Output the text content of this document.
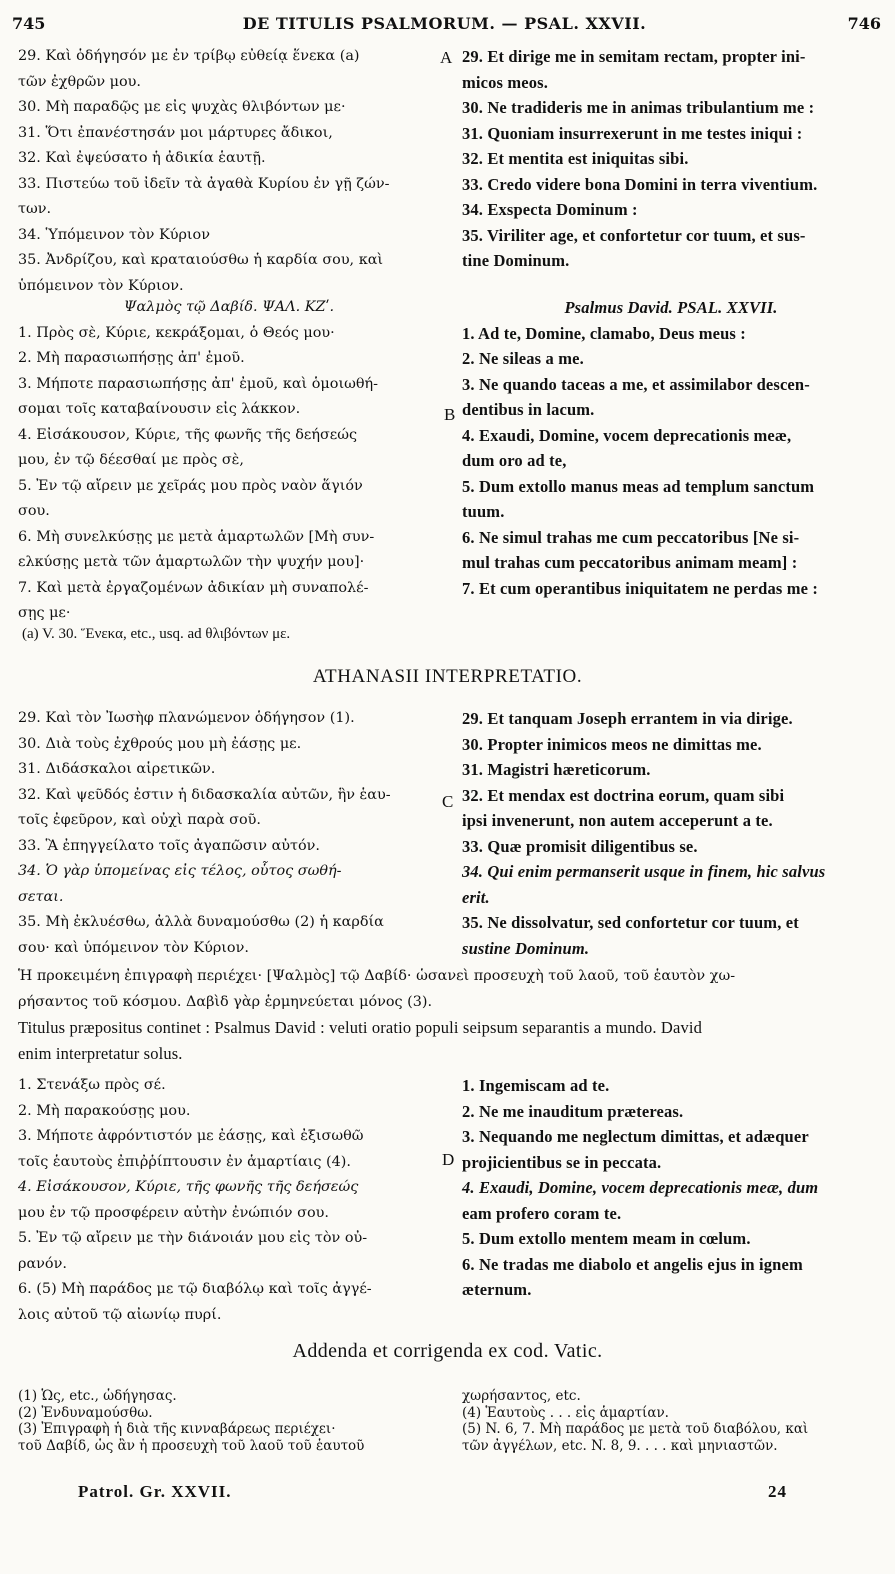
745	DE TITULIS PSALMORUM. — PSAL. XXVII.	746
29. Καὶ ὁδήγησόν με ἐν τρίβῳ εὐθείᾳ ἕνεκα (a)
τῶν ἐχθρῶν μου.
30. Μὴ παραδῷς με εἰς ψυχὰς θλιβόντων με·
31. Ὅτι ἐπανέστησάν μοι μάρτυρες ἄδικοι,
32. Καὶ ἐψεύσατο ἡ ἀδικία ἑαυτῇ.
33. Πιστεύω τοῦ ἰδεῖν τὰ ἀγαθὰ Κυρίου ἐν γῇ ζών-
των.
34. Ὑπόμεινον τὸν Κύριον
35. Ἀνδρίζου, καὶ κραταιούσθω ἡ καρδία σου, καὶ
ὑπόμεινον τὸν Κύριον.
29. Et dirige me in semitam rectam, propter ini-
micos meos.
30. Ne tradideris me in animas tribulantium me :
31. Quoniam insurrexerunt in me testes iniqui :
32. Et mentita est iniquitas sibi.
33. Credo videre bona Domini in terra viventium.
34. Exspecta Dominum :
35. Viriliter age, et confortetur cor tuum, et sus-
tine Dominum.
A
Ψαλμὸς τῷ Δαβίδ. ΨΑΛ. ΚΖʹ.
1. Πρὸς σὲ, Κύριε, κεκράξομαι, ὁ Θεός μου·
2. Μὴ παρασιωπήσῃς ἀπ' ἐμοῦ.
3. Μήποτε παρασιωπήσῃς ἀπ' ἐμοῦ, καὶ ὁμοιωθή-
σομαι τοῖς καταβαίνουσιν εἰς λάκκον.
4. Εἰσάκουσον, Κύριε, τῆς φωνῆς τῆς δεήσεώς
μου, ἐν τῷ δέεσθαί με πρὸς σὲ,
5. Ἐν τῷ αἴρειν με χεῖράς μου πρὸς ναὸν ἅγιόν
σου.
6. Μὴ συνελκύσῃς με μετὰ ἁμαρτωλῶν [Μὴ συν-
ελκύσῃς μετὰ τῶν ἁμαρτωλῶν τὴν ψυχήν μου]·
7. Καὶ μετὰ ἐργαζομένων ἀδικίαν μὴ συναπολέ-
σῃς με·
Psalmus David. PSAL. XXVII.
1. Ad te, Domine, clamabo, Deus meus :
2. Ne sileas a me.
3. Ne quando taceas a me, et assimilabor descen-
dentibus in lacum.
4. Exaudi, Domine, vocem deprecationis meæ,
dum oro ad te,
5. Dum extollo manus meas ad templum sanctum
tuum.
6. Ne simul trahas me cum peccatoribus [Ne si-
mul trahas cum peccatoribus animam meam] :
7. Et cum operantibus iniquitatem ne perdas me :
B
(a) V. 30. Ἕνεκα, etc., usq. ad θλιβόντων με.
ATHANASII INTERPRETATIO.
29. Καὶ τὸν Ἰωσὴφ πλανώμενον ὁδήγησον (1).
30. Διὰ τοὺς ἐχθρούς μου μὴ ἐάσῃς με.
31. Διδάσκαλοι αἱρετικῶν.
32. Καὶ ψεῦδός ἐστιν ἡ διδασκαλία αὐτῶν, ἣν ἑαυ-
τοῖς ἐφεῦρον, καὶ οὐχὶ παρὰ σοῦ.
33. Ἃ ἐπηγγείλατο τοῖς ἀγαπῶσιν αὐτόν.
34. Ὁ γὰρ ὑπομείνας εἰς τέλος, οὗτος σωθή-
σεται.
35. Μὴ ἐκλυέσθω, ἀλλὰ δυναμούσθω (2) ἡ καρδία
σου· καὶ ὑπόμεινον τὸν Κύριον.
29. Et tanquam Joseph errantem in via dirige.
30. Propter inimicos meos ne dimittas me.
31. Magistri hæreticorum.
32. Et mendax est doctrina eorum, quam sibi
ipsi invenerunt, non autem acceperunt a te.
33. Quæ promisit diligentibus se.
34. Qui enim permanserit usque in finem, hic salvus
erit.
35. Ne dissolvatur, sed confortetur cor tuum, et
sustine Dominum.
C
Ἡ προκειμένη ἐπιγραφὴ περιέχει· [Ψαλμὸς] τῷ Δαβίδ· ὡσανεὶ προσευχὴ τοῦ λαοῦ, τοῦ ἑαυτὸν χω-
ρήσαντος τοῦ κόσμου. Δαβὶδ γὰρ ἑρμηνεύεται μόνος (3).
Titulus præpositus continet : Psalmus David : veluti oratio populi seipsum separantis a mundo. David
enim interpretatur solus.
1. Στενάξω πρὸς σέ.
2. Μὴ παρακούσῃς μου.
3. Μήποτε ἀφρόντιστόν με ἐάσῃς, καὶ ἐξισωθῶ
τοῖς ἑαυτοὺς ἐπιῤῥίπτουσιν ἐν ἁμαρτίαις (4).
4. Εἰσάκουσον, Κύριε, τῆς φωνῆς τῆς δεήσεώς
μου ἐν τῷ προσφέρειν αὐτὴν ἐνώπιόν σου.
5. Ἐν τῷ αἴρειν με τὴν διάνοιάν μου εἰς τὸν οὐ-
ρανόν.
6. (5) Μὴ παράδος με τῷ διαβόλῳ καὶ τοῖς ἀγγέ-
λοις αὐτοῦ τῷ αἰωνίῳ πυρί.
1. Ingemiscam ad te.
2. Ne me inauditum prætereas.
3. Nequando me neglectum dimittas, et adæquer
projicientibus se in peccata.
4. Exaudi, Domine, vocem deprecationis meæ, dum
eam profero coram te.
5. Dum extollo mentem meam in cœlum.
6. Ne tradas me diabolo et angelis ejus in ignem
æternum.
D
Addenda et corrigenda ex cod. Vatic.
(1) Ὡς, etc., ὡδήγησας.
(2) Ἐνδυναμούσθω.
(3) Ἐπιγραφὴ ἡ διὰ τῆς κινναβάρεως περιέχει·
τοῦ Δαβίδ, ὡς ἂν ἡ προσευχὴ τοῦ λαοῦ τοῦ ἑαυτοῦ
χωρήσαντος, etc.
(4) Ἑαυτοὺς . . . εἰς ἁμαρτίαν.
(5) N. 6, 7. Μὴ παράδος με μετὰ τοῦ διαβόλου, καὶ
τῶν ἀγγέλων, etc. N. 8, 9. . . . καὶ μηνιαστῶν.
Patrol. Gr. XXVII.	24
